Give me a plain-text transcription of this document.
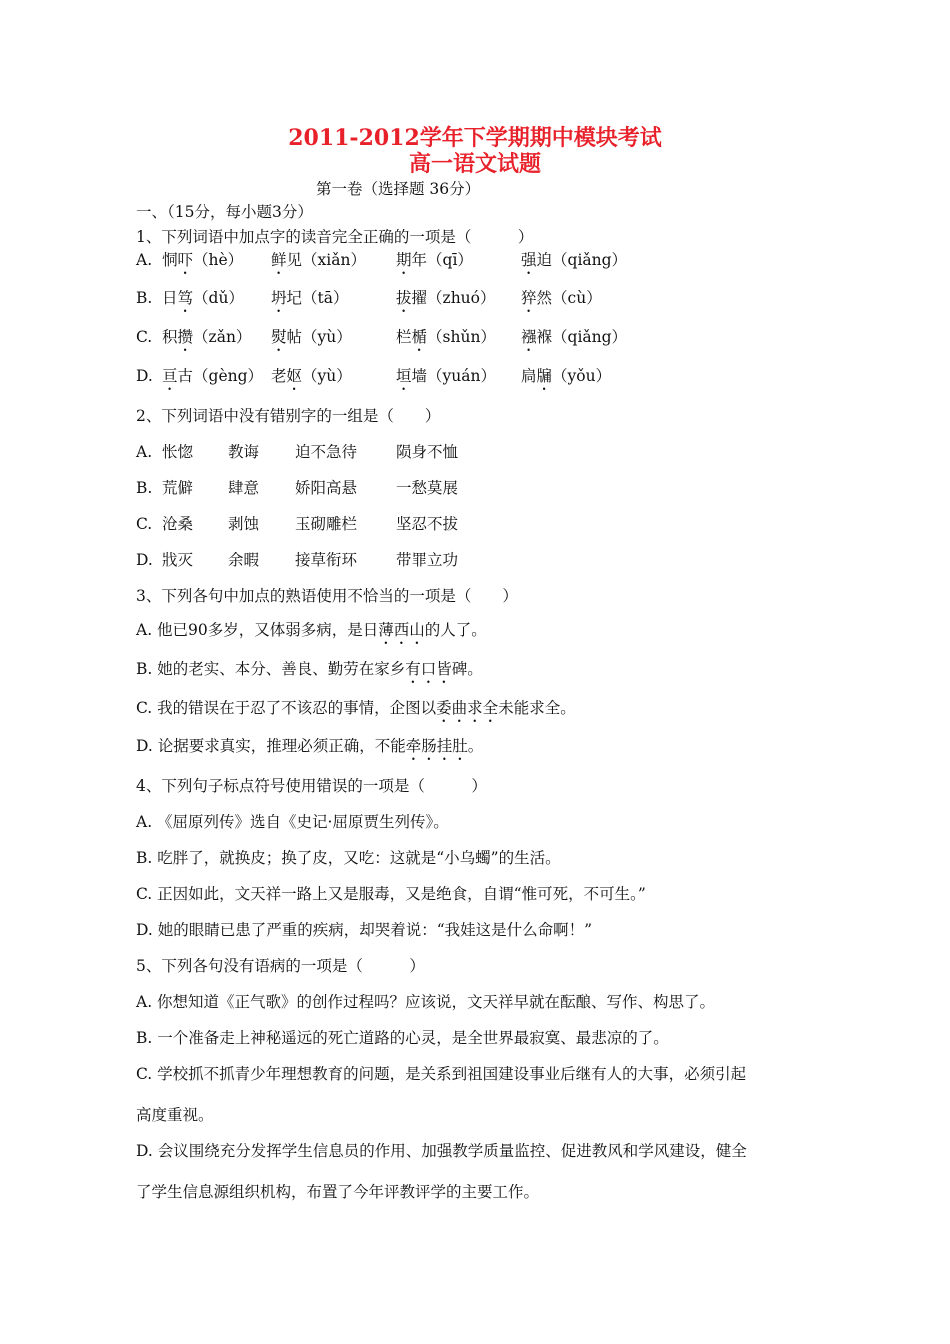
2011-2012学年下学期期中模块考试
高一语文试题
第一卷（选择题 36分）
一、（15分，每小题3分）
1、下列词语中加点字的读音完全正确的一项是（　　　）
A. 恫吓（hè） 鲜见（xiǎn） 期年（qī）	强迫（qiǎng）
B. 日笃（dǔ） 坍圮（tā）	拔擢（zhuó） 猝然（cù）
C. 积攒（zǎn） 熨帖（yù）	栏楯（shǔn） 襁褓（qiǎng）
D. 亘古（gèng） 老妪（yù）	垣墙（yuán） 扃牖（yǒu）
2、下列词语中没有错别字的一组是（　　）
A. 怅惚 教诲 迫不急待	陨身不恤
B. 荒僻 肆意 娇阳高悬	一愁莫展
C. 沧桑 剥蚀 玉砌雕栏	坚忍不拔
D. 戕灭 余暇 接草衔环	带罪立功
3、下列各句中加点的熟语使用不恰当的一项是（　　）
A. 他已90多岁，又体弱多病，是日薄西山的人了。
B. 她的老实、本分、善良、勤劳在家乡有口皆碑。
C. 我的错误在于忍了不该忍的事情，企图以委曲求全未能求全。
D. 论据要求真实，推理必须正确，不能牵肠挂肚。
4、下列句子标点符号使用错误的一项是（　　　）
A. 《屈原列传》选自《史记·屈原贾生列传》。
B. 吃胖了，就换皮；换了皮，又吃：这就是“小乌蠋”的生活。
C. 正因如此，文天祥一路上又是服毒，又是绝食，自谓“惟可死，不可生。”
D. 她的眼睛已患了严重的疾病，却哭着说：“我娃这是什么命啊！”
5、下列各句没有语病的一项是（　　　）
A. 你想知道《正气歌》的创作过程吗？应该说，文天祥早就在酝酿、写作、构思了。
B. 一个准备走上神秘遥远的死亡道路的心灵，是全世界最寂寞、最悲凉的了。
C. 学校抓不抓青少年理想教育的问题，是关系到祖国建设事业后继有人的大事，必须引起
高度重视。
D. 会议围绕充分发挥学生信息员的作用、加强教学质量监控、促进教风和学风建设，健全
了学生信息源组织机构，布置了今年评教评学的主要工作。
